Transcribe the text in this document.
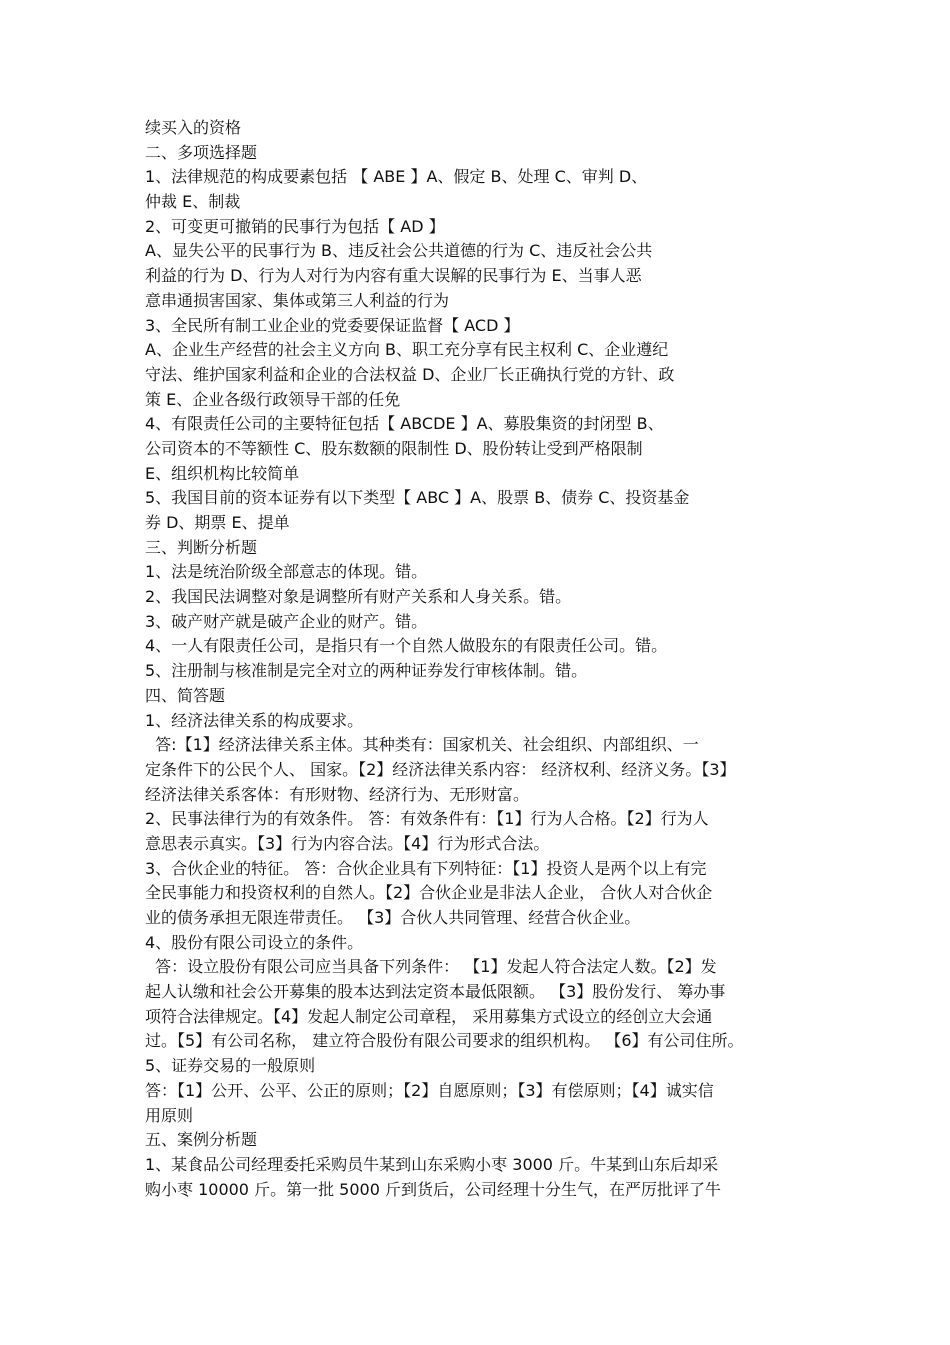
续买入的资格
二、多项选择题
1、法律规范的构成要素包括 【 ABE 】A、假定 B、处理 C、审判 D、
仲裁 E、制裁
2、可变更可撤销的民事行为包括【 AD 】
A、显失公平的民事行为 B、违反社会公共道德的行为 C、违反社会公共
利益的行为 D、行为人对行为内容有重大误解的民事行为 E、当事人恶
意串通损害国家、集体或第三人利益的行为
3、全民所有制工业企业的党委要保证监督【 ACD 】
A、企业生产经营的社会主义方向 B、职工充分享有民主权利 C、企业遵纪
守法、维护国家利益和企业的合法权益 D、企业厂长正确执行党的方针、政
策 E、企业各级行政领导干部的任免
4、有限责任公司的主要特征包括【 ABCDE 】A、募股集资的封闭型 B、
公司资本的不等额性 C、股东数额的限制性 D、股份转让受到严格限制
E、组织机构比较简单
5、我国目前的资本证券有以下类型【 ABC 】A、股票 B、债券 C、投资基金
券 D、期票 E、提单
三、判断分析题
1、法是统治阶级全部意志的体现。错。
2、我国民法调整对象是调整所有财产关系和人身关系。错。
3、破产财产就是破产企业的财产。错。
4、一人有限责任公司，是指只有一个自然人做股东的有限责任公司。错。
5、注册制与核准制是完全对立的两种证券发行审核体制。错。
四、简答题
1、经济法律关系的构成要求。
答:【1】经济法律关系主体。其种类有：国家机关、社会组织、内部组织、一
定条件下的公民个人、 国家。【2】经济法律关系内容： 经济权利、经济义务。【3】
经济法律关系客体：有形财物、经济行为、无形财富。
2、民事法律行为的有效条件。 答：有效条件有：【1】行为人合格。【2】行为人
意思表示真实。【3】行为内容合法。【4】行为形式合法。
3、合伙企业的特征。 答：合伙企业具有下列特征：【1】投资人是两个以上有完
全民事能力和投资权利的自然人。【2】合伙企业是非法人企业， 合伙人对合伙企
业的债务承担无限连带责任。 【3】合伙人共同管理、经营合伙企业。
4、股份有限公司设立的条件。
答：设立股份有限公司应当具备下列条件： 【1】发起人符合法定人数。【2】发
起人认缴和社会公开募集的股本达到法定资本最低限额。 【3】股份发行、 筹办事
项符合法律规定。【4】发起人制定公司章程， 采用募集方式设立的经创立大会通
过。【5】有公司名称， 建立符合股份有限公司要求的组织机构。 【6】有公司住所。
5、证券交易的一般原则
答：【1】公开、公平、公正的原则；【2】自愿原则；【3】有偿原则；【4】诚实信
用原则
五、案例分析题
1、某食品公司经理委托采购员牛某到山东采购小枣 3000 斤。牛某到山东后却采
购小枣 10000 斤。第一批 5000 斤到货后，公司经理十分生气，在严厉批评了牛
